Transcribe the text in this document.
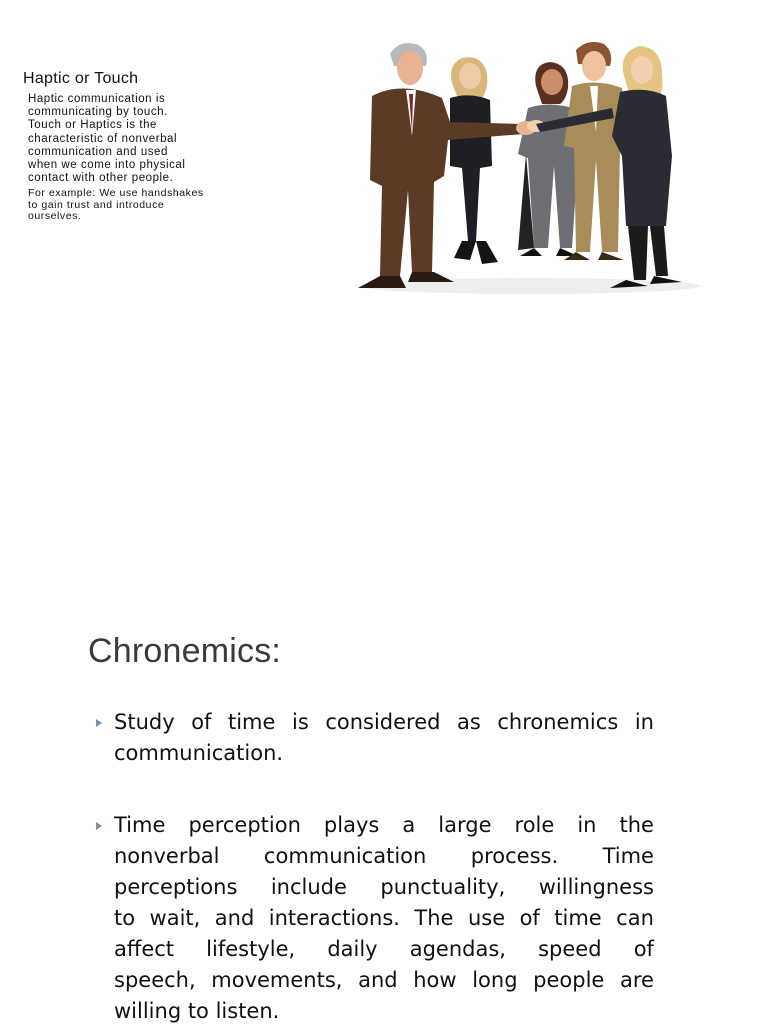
Haptic or Touch
Haptic communication is
communicating by touch.
Touch or Haptics is the
characteristic of nonverbal
communication and used
when we come into physical
contact with other people.
For example: We use handshakes
to gain trust and introduce
ourselves.
Chronemics:
Study of time is considered as chronemics in
communication.
Time perception plays a large role in the
nonverbal communication process. Time
perceptions include punctuality, willingness
to wait, and interactions. The use of time can
affect lifestyle, daily agendas, speed of
speech, movements, and how long people are
willing to listen.
